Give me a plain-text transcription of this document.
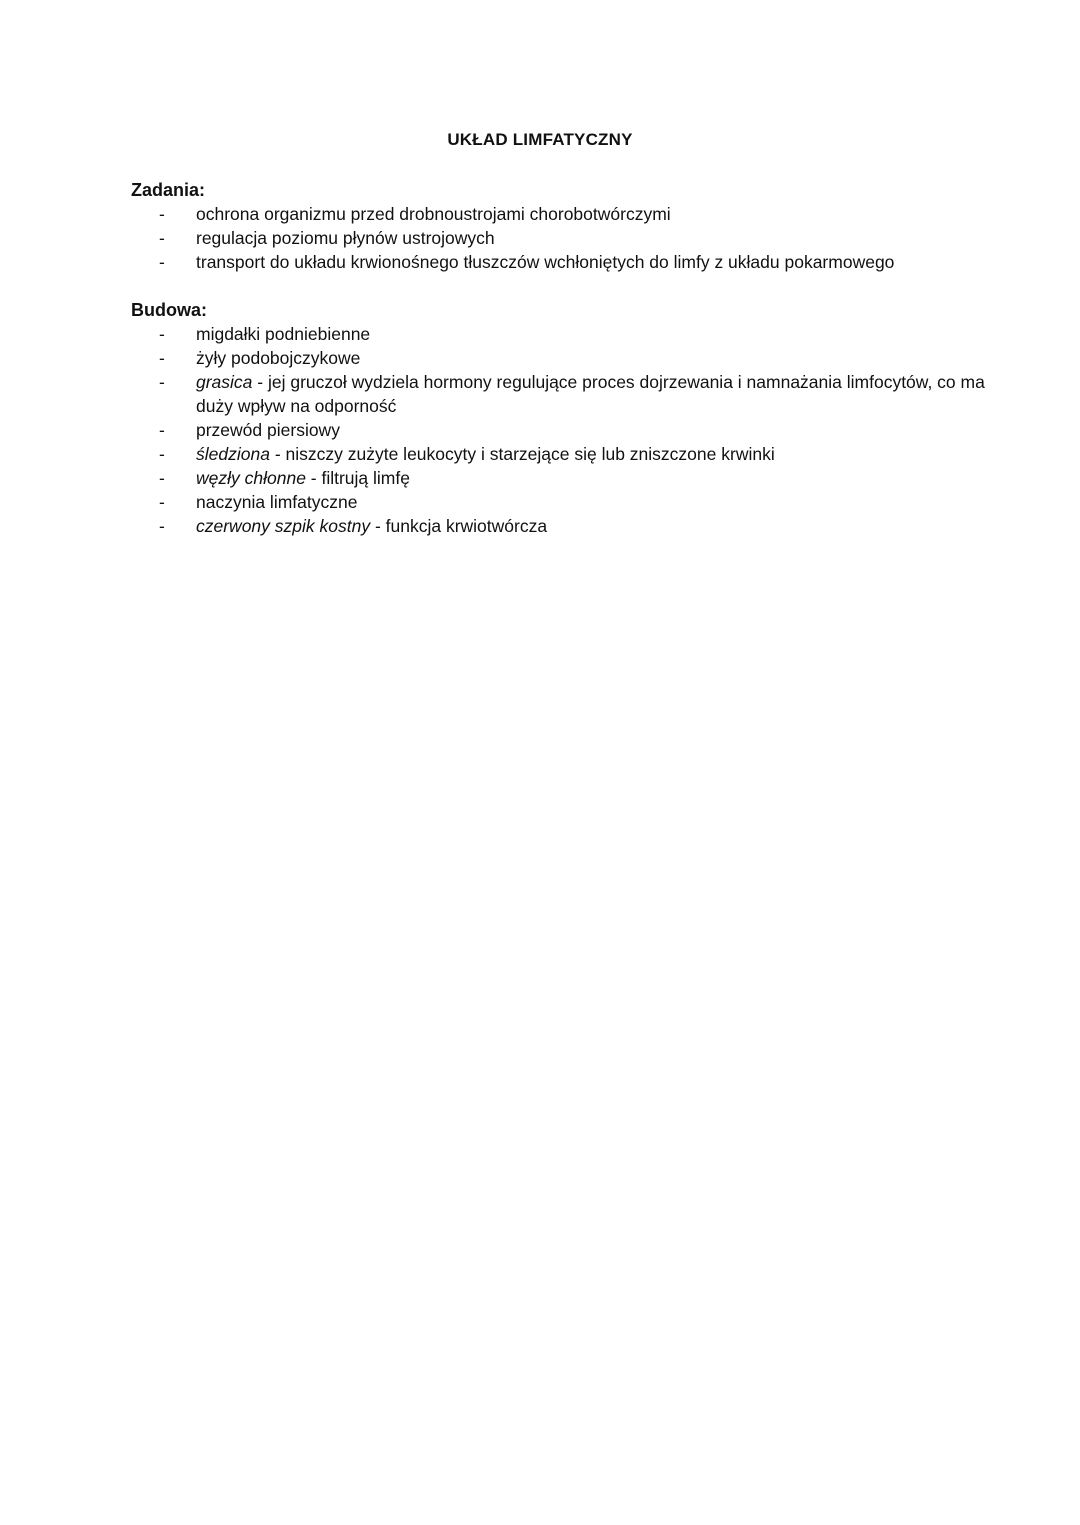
UKŁAD LIMFATYCZNY
Zadania:
- ochrona organizmu przed drobnoustrojami chorobotwórczymi
- regulacja poziomu płynów ustrojowych
- transport do układu krwionośnego tłuszczów wchłoniętych do limfy z układu pokarmowego
Budowa:
- migdałki podniebienne
- żyły podobojczykowe
- grasica - jej gruczoł wydziela hormony regulujące proces dojrzewania i namnażania limfocytów, co ma duży wpływ na odporność
- przewód piersiowy
- śledziona - niszczy zużyte leukocyty i starzejące się lub zniszczone krwinki
- węzły chłonne - filtrują limfę
- naczynia limfatyczne
- czerwony szpik kostny - funkcja krwiotwórcza
